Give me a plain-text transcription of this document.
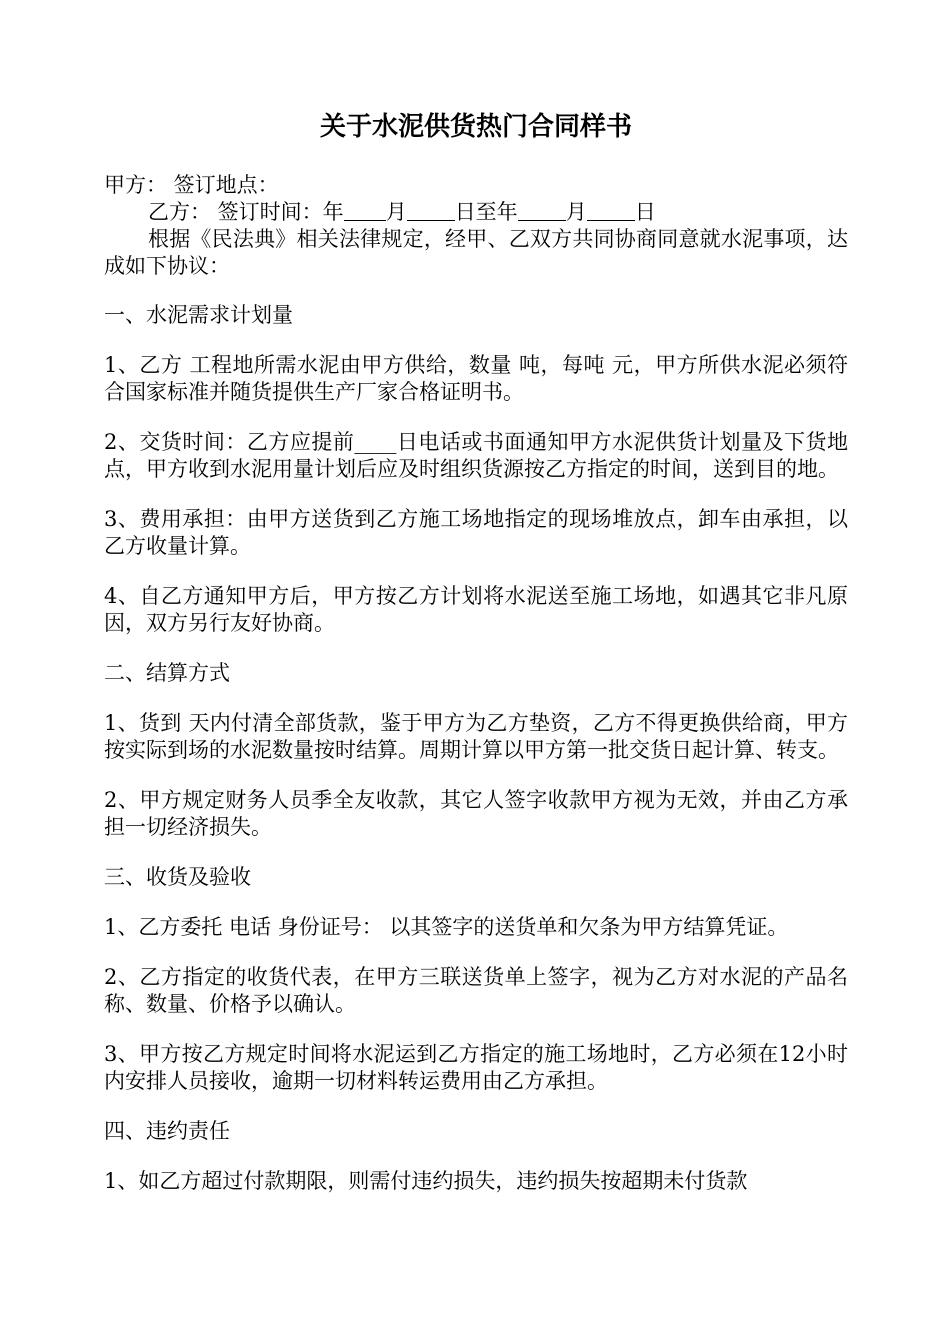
关于水泥供货热门合同样书
甲方： 签订地点：
乙方： 签订时间：年 月 日至年 月 日

根据《民法典》相关法律规定，经甲、乙双方共同协商同意就水泥事项，达成如下协议：

一、水泥需求计划量

1、乙方 工程地所需水泥由甲方供给，数量 吨，每吨 元，甲方所供水泥必须符合国家标准并随货提供生产厂家合格证明书。

2、交货时间：乙方应提前____日电话或书面通知甲方水泥供货计划量及下货地点，甲方收到水泥用量计划后应及时组织货源按乙方指定的时间，送到目的地。

3、费用承担：由甲方送货到乙方施工场地指定的现场堆放点，卸车由承担，以乙方收量计算。

4、自乙方通知甲方后，甲方按乙方计划将水泥送至施工场地，如遇其它非凡原因，双方另行友好协商。

二、结算方式

1、货到 天内付清全部货款，鉴于甲方为乙方垫资，乙方不得更换供给商，甲方按实际到场的水泥数量按时结算。周期计算以甲方第一批交货日起计算、转支。

2、甲方规定财务人员季全友收款，其它人签字收款甲方视为无效，并由乙方承担一切经济损失。

三、收货及验收

1、乙方委托 电话 身份证号： 以其签字的送货单和欠条为甲方结算凭证。

2、乙方指定的收货代表，在甲方三联送货单上签字，视为乙方对水泥的产品名称、数量、价格予以确认。

3、甲方按乙方规定时间将水泥运到乙方指定的施工场地时，乙方必须在12小时内安排人员接收，逾期一切材料转运费用由乙方承担。

四、违约责任

1、如乙方超过付款期限，则需付违约损失，违约损失按超期未付货款
